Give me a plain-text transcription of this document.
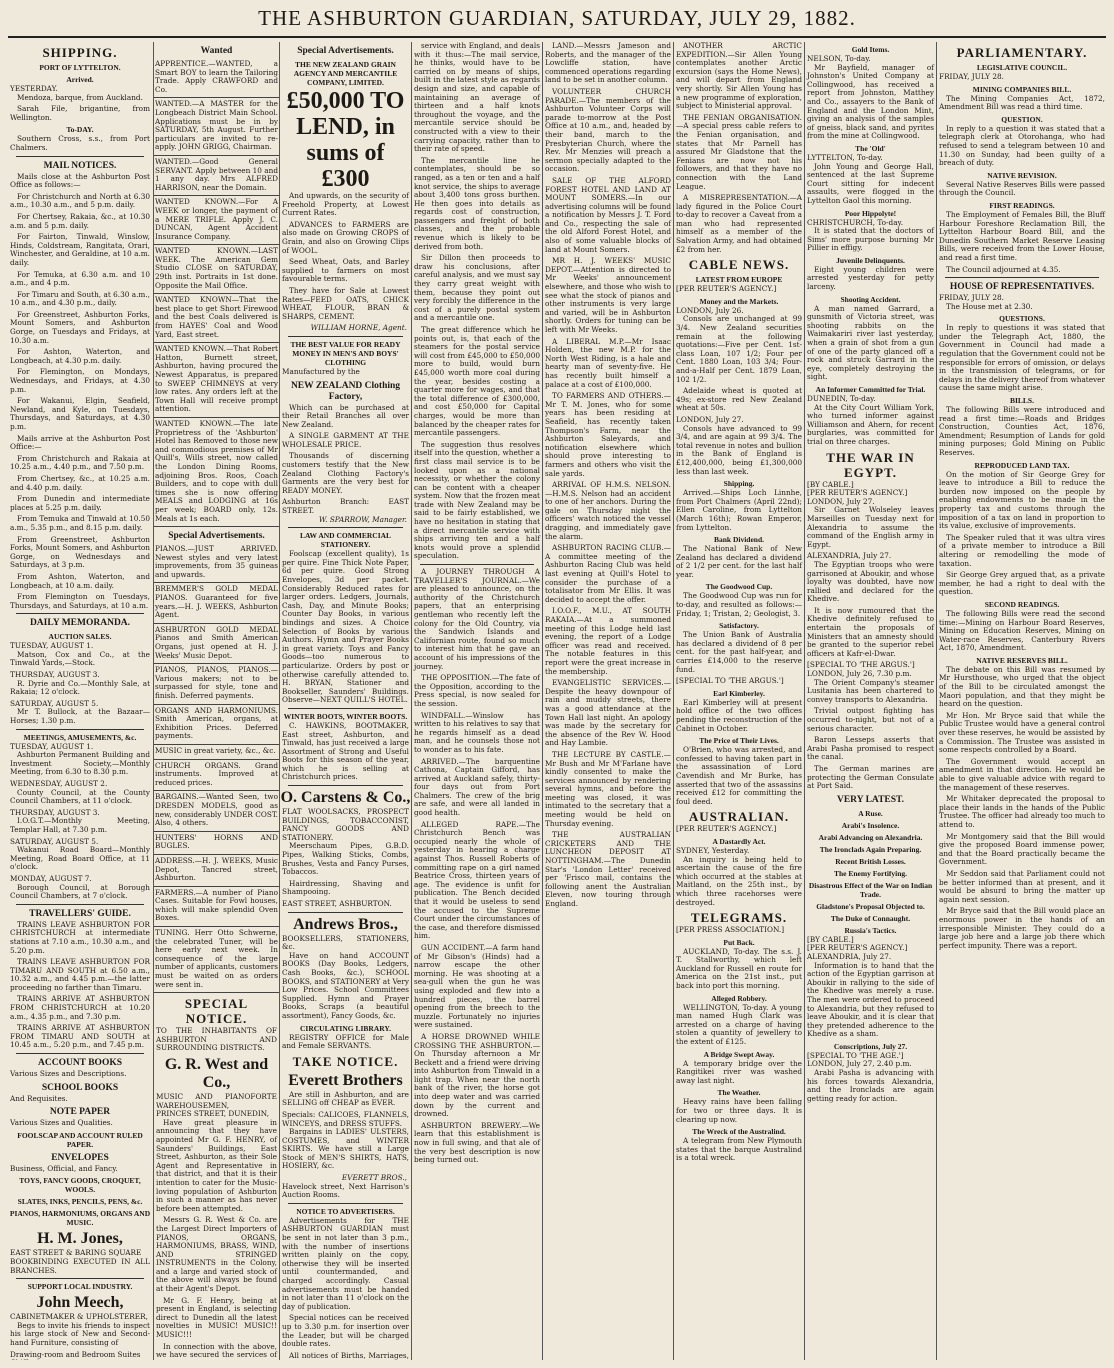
THE ASHBURTON GUARDIAN, SATURDAY, JULY 29, 1882.
SHIPPING.
PORT OF LYTTELTON.
Arrived.
YESTERDAY.

Mendoza, barque, from Auckland.

Sarah File, brigantine, from Wellington.

To-DAY.

Southern Cross, s.s., from Port Chalmers.

MAIL NOTICES.

Mails close at the Ashburton Post Office as follows:—

For Christchurch and North at 6.30 a.m., 10.30 a.m., and 5 p.m. daily.

For Chertsey, Rakaia, &c., at 10.30 a.m. and 5 p.m. daily.

For Fairton, Tinwald, Winslow, Hinds, Coldstream, Rangitata, Orari, Winchester, and Geraldine, at 10 a.m. daily.

For Temuka, at 6.30 a.m. and 10 a.m., and 4 p.m.

For Timaru and South, at 6.30 a.m., 10 a.m., and 4.30 p.m., daily.

For Greenstreet, Ashburton Forks, Mount Somers, and Ashburton Gorge, on Tuesdays and Fridays, at 10.30 a.m.

For Ashton, Waterton, and Longbeach, at 4.30 p.m. daily.

For Flemington, on Mondays, Wednesdays, and Fridays, at 4.30 p.m.

For Wakanui, Elgin, Seafield, Newland, and Kyle, on Tuesdays, Thursdays, and Saturdays, at 4.30 p.m.

Mails arrive at the Ashburton Post Office:—

From Christchurch and Rakaia at 10.25 a.m., 4.40 p.m., and 7.50 p.m.

From Chertsey, &c., at 10.25 a.m. and 4.40 p.m. daily.

From Dunedin and intermediate places at 5.25 p.m. daily.

From Temuka and Tinwald at 10.50 a.m., 5.35 p.m., and 8.15 p.m. daily.

From Greenstreet, Ashburton Forks, Mount Somers, and Ashburton Gorge, on Wednesdays and Saturdays, at 3 p.m.

From Ashton, Waterton, and Longbeach, at 10 a.m. daily.

From Flemington on Tuesdays, Thursdays, and Saturdays, at 10 a.m.

DAILY MEMORANDA.
AUCTION SALES.
TUESDAY, AUGUST 1.

Matson, Cox and Co., at the Tinwald Yards,—Stock.

THURSDAY, AUGUST 3.

R. Dyrie and Co.—Monthly Sale, at Rakaia; 12 o'clock.

SATURDAY, AUGUST 5.

Mr T. Bullock, at the Bazaar—Horses; 1.30 p.m.

MEETINGS, AMUSEMENTS, &c.
TUESDAY, AUGUST 1.

Ashburton Permanent Building and Investment Society,—Monthly Meeting, from 6.30 to 8.30 p.m.

WEDNESDAY, AUGUST 2.

County Council, at the County Council Chambers, at 11 o'clock.

THURSDAY, AUGUST 3.

I.O.G.T.—Monthly Meeting, Templar Hall, at 7.30 p.m.

SATURDAY, AUGUST 5.

Wakanui Road Board—Monthly Meeting, Road Board Office, at 11 o'clock.

MONDAY, AUGUST 7.

Borough Council, at Borough Council Chambers, at 7 o'clock.

TRAVELLERS' GUIDE.

TRAINS LEAVE ASHBURTON FOR CHRISTCHURCH at intermediate stations at 7.10 a.m., 10.30 a.m., and 5.20 p.m.

TRAINS LEAVE ASHBURTON FOR TIMARU AND SOUTH at 6.50 a.m., 10.32 a.m., and 4.45 p.m.—the latter proceeding no farther than Timaru.

TRAINS ARRIVE AT ASHBURTON FROM CHRISTCHURCH at 10.20 a.m., 4.35 p.m., and 7.30 p.m.

TRAINS ARRIVE AT ASHBURTON FROM TIMARU AND SOUTH at 10.45 a.m., 5.20 p.m., and 7.45 p.m.

ACCOUNT BOOKS
Various Sizes and Descriptions.
SCHOOL BOOKS
And Requisites.
NOTE PAPER
Various Sizes and Qualities.
FOOLSCAP AND ACCOUNT RULED PAPER.
ENVELOPES
Business, Official, and Fancy.
TOYS, FANCY GOODS, CROQUET, WOOLS.
SLATES, INKS, PENCILS, PENS, &c.
PIANOS, HARMONIUMS, ORGANS AND MUSIC.
H. M. Jones,
EAST STREET & BARING SQUARE
BOOKBINDING EXECUTED IN ALL BRANCHES.
SUPPORT LOCAL INDUSTRY.
John Meech,
CABINETMAKER & UPHOLSTERER,

Begs to invite his friends to inspect his large stock of New and Second-hand Furniture, consisting of

Drawing-room and Bedroom Suites

Wanted
APPRENTICE.—WANTED, a Smart BOY to learn the Tailoring Trade. Apply CRAWFORD and Co.
WANTED.—A MASTER for the Longbeach District Main School. Applications must be in by SATURDAY, 5th August. Further particulars are invited to re-apply. JOHN GRIGG, Chairman.
WANTED.—Good General SERVANT. Apply between 10 and 1 any day. Mrs ALFRED HARRISON, near the Domain.
WANTED KNOWN.—For A WEEK or longer, the payment of a MERE TRIFLE. Apply J. C. DUNCAN, Agent Accident Insurance Company.
WANTED KNOWN.—LAST WEEK. The American Gem Studio CLOSE on SATURDAY, 29th inst. Portraits in 1st done. Opposite the Mail Office.
WANTED KNOWN—That the best place to get Short Firewood and the best Coals delivered is from HAYES' Coal and Wood Yard, East street.
WANTED KNOWN.—That Robert Hatton, Burnett street, Ashburton, having procured the Newest Apparatus, is prepared to SWEEP CHIMNEYS at very low rates. Any orders left at the Town Hall will receive prompt attention.
WANTED KNOWN.—The late Proprietress of the 'Ashburton' Hotel has Removed to those new and commodious premises of Mr Quill's, Wills street, now called the London Dining Rooms, adjoining Bros. Roos, Coach Builders, and to cope with dull times she is now offering MEALS and LODGING at 16s per week; BOARD only, 12s. Meals at 1s each.
Special Advertisements.
PIANOS.—JUST ARRIVED. Newest styles and very latest improvements, from 35 guineas and upwards.
BREMMER'S GOLD MEDAL PIANOS. Guaranteed for five years.—H. J. WEEKS, Ashburton Agent.
ASHBURTON GOLD MEDAL Pianos and Smith American Organs, just opened at H. J. Weeks' Music Depot.
PIANOS, PIANOS, PIANOS.—Various makers; not to be surpassed for style, tone and finish. Deferred payments.
ORGANS AND HARMONIUMS. Smith American, organs, at Exhibition Prices. Deferred payments.
MUSIC in great variety, &c., &c.
CHURCH ORGANS. Grand instruments. Improved at reduced prices.
BARGAINS.—Wanted Seen, two DRESDEN MODELS, good as new, considerably UNDER COST. Also, 4 others.
HUNTERS' HORNS AND BUGLES.
ADDRESS.—H. J. WEEKS, Music Depot, Tancred street, Ashburton.
FARMERS.—A number of Piano Cases. Suitable for Fowl houses, which will make splendid Oven Boxes.
TUNING. Herr Otto Schwerne, the celebrated Tuner, will be here early next week. In consequence of the large number of applicants, customers must be waited on as orders were sent in.
SPECIAL NOTICE.
TO THE INHABITANTS OF ASHBURTON AND SURROUNDING DISTRICTS.
G. R. West and Co.,
MUSIC AND PIANOFORTE WAREHOUSEMEN,
PRINCES STREET, DUNEDIN,

Have great pleasure in announcing that they have appointed Mr G. F. HENRY, of Saunders' Buildings, East Street, Ashburton, as their Sole Agent and Representative in that district, and that it is their intention to cater for the Music-loving population of Ashburton in such a manner as has never before been attempted.

Messrs G. R. West & Co. are the Largest Direct Importers of PIANOS, ORGANS, HARMONIUMS, BRASS, WIND, AND STRINGED INSTRUMENTS in the Colony, and a large and varied stock of the above will always be found at their Agent's Depot.

Mr G. F. Henry, being at present in England, is selecting direct to Dunedin all the latest novelties in MUSIC! MUSIC!! MUSIC!!!

In connection with the above, we have secured the services of

Special Advertisements.
THE NEW ZEALAND GRAIN AGENCY AND MERCANTILE COMPANY, LIMITED.
£50,000 TO LEND, in sums of £300

And upwards, on the security of Freehold Property, at Lowest Current Rates.

ADVANCES to FARMERS are also made on Growing CROPS of Grain, and also on Growing Clips of WOOL.

Seed Wheat, Oats, and Barley supplied to farmers on most favourable terms.

They have for Sale at Lowest Rates—FEED OATS, CHICK WHEAT, FLOUR, BRAN & SHARPS, CEMENT.

WILLIAM HORNE, Agent.
THE BEST VALUE FOR READY MONEY IN MEN'S AND BOYS' CLOTHING
Manufactured by the
NEW ZEALAND Clothing Factory,

Which can be purchased at their Retail Branches all over New Zealand.

A SINGLE GARMENT AT THE WHOLESALE PRICE.

Thousands of discerning customers testify that the New Zealand Clothing Factory's Garments are the very best for READY MONEY.

Ashburton Branch: EAST STREET.
W. SPARROW, Manager.
LAW AND COMMERCIAL STATIONERY.

Foolscap (excellent quality), 1s per quire. Fine Thick Note Paper, 6d per quire. Good Strong Envelopes, 3d per packet. Considerably Reduced rates for larger orders. Ledgers, Journals, Cash, Day, and Minute Books; Counter Day Books, in various bindings and sizes. A Choice Selection of Books by various Authors. Hymn and Prayer Books in great variety. Toys and Fancy Goods—too numerous to particularize. Orders by post or otherwise carefully attended to. H. BRYAN, Stationer and Bookseller, Saunders' Buildings. Observe—NEXT QUILL'S HOTEL.

WINTER BOOTS, WINTER BOOTS.

C. HAWKINS, BOOTMAKER, East street, Ashburton, and Tinwald, has just received a large Assortment of Strong and Useful Boots for this season of the year, which he is selling at Christchurch prices.

O. Carstens & Co.,
FLAT WOOLSACKS, PROSPECT BUILDINGS, TOBACCONIST, FANCY GOODS AND STATIONERY.

Meerschaum Pipes, G.B.D. Pipes, Walking Sticks, Combs, Brushes, Vesta and Fancy Purses, Tobaccos.

Hairdressing, Shaving and Shampooing.

EAST STREET, ASHBURTON.
Andrews Bros.,
BOOKSELLERS, STATIONERS, &c.

Have on hand ACCOUNT BOOKS (Day Books, Ledgers, Cash Books, &c.), SCHOOL BOOKS, and STATIONERY at Very Low Prices. School Committees Supplied. Hymn and Prayer Books, Scraps (a beautiful assortment), Fancy Goods, &c.

CIRCULATING LIBRARY.

REGISTRY OFFICE for Male and Female SERVANTS.

TAKE NOTICE.
Everett Brothers

Are still in Ashburton, and are SELLING off CHEAP as EVER.

Specials: CALICOES, FLANNELS, WINCEYS, and DRESS STUFFS.

Bargains in LADIES' ULSTERS, COSTUMES, and WINTER SKIRTS. We have still a Large Stock of MEN'S SHIRTS, HATS, HOSIERY, &c.

EVERETT BROS.,
Havelock street, Next Harrison's Auction Rooms.
NOTICE TO ADVERTISERS.

Advertisements for THE ASHBURTON GUARDIAN must be sent in not later than 3 p.m., with the number of insertions written plainly on the copy, otherwise they will be inserted until countermanded, and charged accordingly. Casual advertisements must be handed in not later than 11 o'clock on the day of publication.

Special notices can be received up to 3.30 p.m. for insertion over the Leader, but will be charged double rates.

All notices of Births, Marriages,

service with England, and deals with it thus:—The mail service, he thinks, would have to be carried on by means of ships, built in the latest style as regards design and size, and capable of maintaining an average of thirteen and a half knots throughout the voyage, and the mercantile service should be constructed with a view to their carrying capacity, rather than to their rate of speed.

The mercantile line he contemplates, should be so ranged, as a ten or ten and a half knot service, the ships to average about 3,400 tons gross burthen. He then goes into details as regards cost of construction, passengers and freight of both classes, and the probable revenue which is likely to be derived from both.

Sir Dillon then proceeds to draw his conclusions, after careful analysis, and we must say they carry great weight with them, because they point out very forcibly the difference in the cost of a purely postal system and a mercantile one.

The great difference which he points out, is, that each of the steamers for the postal service will cost from £45,000 to £50,000 more to build, would burn £45,000 worth more coal during the year, besides costing a quarter more for wages, and that the total difference of £300,000, and cost £50,000 for Capital charges, would be more than balanced by the cheaper rates for mercantile passengers.

The suggestion thus resolves itself into the question, whether a first class mail service is to be looked upon as a national necessity, or whether the colony can be content with a cheaper system. Now that the frozen meat trade with New Zealand may be said to be fairly established, we have no hesitation in stating that a direct mercantile service with ships arriving ten and a half knots would prove a splendid speculation.

A JOURNEY THROUGH A TRAVELLER'S JOURNAL.—We are pleased to announce, on the authority of the Christchurch papers, that an enterprising gentleman who recently left the colony for the Old Country, via the Sandwich Islands and Californian route, found so much to interest him that he gave an account of his impressions of the journey.

THE OPPOSITION.—The fate of the Opposition, according to the Press special, is now sealed for the session.

WINDFALL.—Winslow has written to his relatives to say that he regards himself as a dead man, and he counsels those not to wonder as to his fate.

ARRIVED.—The barquentine Cathona, Captain Gifford, has arrived at Auckland safely, thirty-four days out from Port Chalmers. The crew of the brig are safe, and were all landed in good health.

ALLEGED RAPE.—The Christchurch Bench was occupied nearly the whole of yesterday in hearing a charge against Thos. Russell Roberts of committing rape on a girl named Beatrice Cross, thirteen years of age. The evidence is unfit for publication. The Bench decided that it would be useless to send the accused to the Supreme Court under the circumstances of the case, and therefore dismissed him.

GUN ACCIDENT.—A farm hand of Mr Gibson's (Hinds) had a narrow escape the other morning. He was shooting at a sea-gull when the gun he was using exploded and flew into a hundred pieces, the barrel opening from the breech to the muzzle. Fortunately no injuries were sustained.

A HORSE DROWNED WHILE CROSSING THE ASHBURTON.—On Thursday afternoon a Mr Beckett and a friend were driving into Ashburton from Tinwald in a light trap. When near the north bank of the river, the horse got into deep water and was carried down by the current and drowned.

ASHBURTON BREWERY.—We learn that this establishment is now in full swing, and that ale of the very best description is now being turned out.

LAND.—Messrs Jameson and Roberts, and the manager of the Lowcliffe station, have commenced operations regarding land to be set in another column.

VOLUNTEER CHURCH PARADE.—The members of the Ashburton Volunteer Corps will parade to-morrow at the Post Office at 10 a.m., and, headed by their band, march to the Presbyterian Church, where the Rev. Mr Menzies will preach a sermon specially adapted to the occasion.

SALE OF THE ALFORD FOREST HOTEL AND LAND AT MOUNT SOMERS.—In our advertising columns will be found a notification by Messrs J. T. Ford and Co., respecting the sale of the old Alford Forest Hotel, and also of some valuable blocks of land at Mount Somers.

MR H. J. WEEKS' MUSIC DEPOT.—Attention is directed to Mr Weeks' announcement elsewhere, and those who wish to see what the stock of pianos and other instruments is very large and varied, will be in Ashburton shortly. Orders for tuning can be left with Mr Weeks.

A LIBERAL M.P.—Mr Isaac Holden, the new M.P. for the North West Riding, is a hale and hearty man of seventy-five. He has recently built himself a palace at a cost of £100,000.

TO FARMERS AND OTHERS.—Mr T. M. Jones, who for some years has been residing at Seafield, has recently taken Thompson's Farm, near the Ashburton Saleyards, and notification elsewhere which should prove interesting to farmers and others who visit the sale yards.

ARRIVAL OF H.M.S. NELSON.—H.M.S. Nelson had an accident to one of her anchors. During the gale on Thursday night the officers' watch noticed the vessel dragging, and immediately gave the alarm.

ASHBURTON RACING CLUB.—A committee meeting of the Ashburton Racing Club was held last evening at Quill's Hotel to consider the purchase of a totalisator from Mr Ellis. It was decided to accept the offer.

I.O.O.F., M.U., AT SOUTH RAKAIA.—At a summoned meeting of this Lodge held last evening, the report of a Lodge officer was read and received. The notable features in this report were the great increase in the membership.

EVANGELISTIC SERVICES.—Despite the heavy downpour of rain and muddy streets, there was a good attendance at the Town Hall last night. An apology was made by the secretary for the absence of the Rev W. Hood and Hay Lambie.

THE LECTURE BY CASTLE.—Mr Bush and Mr M'Farlane have kindly consented to make the services announced by rendering several hymns, and before the meeting was closed, it was intimated to the secretary that a meeting would be held on Thursday evening.

THE AUSTRALIAN CRICKETERS AND THE LUNCHEON DEPOSIT AT NOTTINGHAM.—The Dunedin Star's 'London Letter' received per 'Frisco mail, contains the following anent the Australian Eleven, now touring through England.

ANOTHER ARCTIC EXPEDITION.—Sir Allen Young contemplates another Arctic excursion (says the Home News), and will depart from England very shortly. Sir Allen Young has a new programme of exploration, subject to Ministerial approval.

THE FENIAN ORGANISATION.—A special press cable refers to the Fenian organisation, and states that Mr Parnell has assured Mr Gladstone that the Fenians are now not his followers, and that they have no connection with the Land League.

A MISREPRESENTATION.—A lady figured in the Police Court to-day to recover a Caveat from a man who had represented himself as a member of the Salvation Army, and had obtained £2 from her.

CABLE NEWS.
LATEST FROM EUROPE
[PER REUTER'S AGENCY.]
Money and the Markets.
LONDON, July 26.

Consols are unchanged at 99 3/4. New Zealand securities remain at the following quotations:—Five per Cent. 1st-class Loan, 107 1/2; Four per Cent. 1880 Loan, 103 3/4; Four-and-a-Half per Cent. 1879 Loan, 102 1/2.

Adelaide wheat is quoted at 49s; ex-store red New Zealand wheat at 50s.

LONDON, July 27.

Consols have advanced to 99 3/4, and are again at 99 3/4. The total revenue in notes and bullion in the Bank of England is £12,400,000, being £1,300,000 less than last week.

Shipping.

Arrived.—Ships Loch Linnhe, from Port Chalmers (April 22nd); Ellen Caroline, from Lyttelton (March 16th); Rowan Emperor, from Lyttelton.

Bank Dividend.

The National Bank of New Zealand has declared a dividend of 2 1/2 per cent. for the last half year.

The Goodwood Cup.

The Goodwood Cup was run for to-day, and resulted as follows:—Friday, 1; Tristan, 2; Geologist, 3.

Satisfactory.

The Union Bank of Australia has declared a dividend of 8 per cent. for the past half-year, and carries £14,000 to the reserve fund.

[SPECIAL TO 'THE ARGUS.']
Earl Kimberley.

Earl Kimberley will at present hold office of the two offices pending the reconstruction of the Cabinet in October.

The Price of Their Lives.

O'Brien, who was arrested, and confessed to having taken part in the assassination of Lord Cavendish and Mr Burke, has asserted that two of the assassins received £12 for committing the foul deed.

AUSTRALIAN.
[PER REUTER'S AGENCY.]
A Dastardly Act.
SYDNEY, Yesterday.

An inquiry is being held to ascertain the cause of the fire which occurred at the stables at Maitland, on the 25th inst., by which three racehorses were destroyed.

TELEGRAMS.
[PER PRESS ASSOCIATION.]
Put Back.

AUCKLAND, To-day. The s.s. J. T. Stallworthy, which left Auckland for Russell en route for America on the 21st inst., put back into port this morning.

Alleged Robbery.

WELLINGTON, To-day. A young man named Hugh Clark was arrested on a charge of having stolen a quantity of jewellery to the extent of £125.

A Bridge Swept Away.

A temporary bridge over the Rangitikei river was washed away last night.

The Weather.

Heavy rains have been falling for two or three days. It is clearing up now.

The Wreck of the Australind.

A telegram from New Plymouth states that the barque Australind is a total wreck.

Gold Items.
NELSON, To-day.

Mr Bayfield, manager of Johnston's United Company at Collingwood, has received a report from Johnston, Matthey and Co., assayers to the Bank of England and the London Mint, giving an analysis of the samples of gneiss, black sand, and pyrites from the mine at Collingwood.

The 'Old'
LYTTELTON, To-day.

John Young and George Hall, sentenced at the last Supreme Court sitting for indecent assaults, were flogged in the Lyttelton Gaol this morning.

Poor Hippolyte!
CHRISTCHURCH, To-day.

It is stated that the doctors of Sims' more purpose burning Mr Pillier in effigy.

Juvenile Delinquents.

Eight young children were arrested yesterday for petty larceny.

Shooting Accident.

A man named Garrard, a gunsmith of Victoria street, was shooting rabbits on the Waimakariri river last yesterday, when a grain of shot from a gun of one of the party glanced off a rock and struck Garrard in the eye, completely destroying the sight.

An Informer Committed for Trial.
DUNEDIN, To-day.

At the City Court William York, who turned informer against Williamson and Ahern, for recent burglaries, was committed for trial on three charges.

THE WAR IN EGYPT.
[BY CABLE.]
[PER REUTER'S AGENCY.]
LONDON, July 27.

Sir Garnet Wolseley leaves Marseilles on Tuesday next for Alexandria to assume the command of the English army in Egypt.

ALEXANDRIA, July 27.

The Egyptian troops who were garrisoned at Aboukir, and whose loyalty was doubted, have now rallied and declared for the Khedive.

It is now rumoured that the Khedive definitely refused to entertain the proposals of Ministers that an amnesty should be granted to the superior rebel officers at Kafr-el-Dwar.

[SPECIAL TO 'THE ARGUS.']
LONDON, July 26, 7.30 p.m.

The Orient Company's steamer Lusitania has been chartered to convey transports to Alexandria.

Trivial outpost fighting has occurred to-night, but not of a serious character.

Baron Lesseps asserts that Arabi Pasha promised to respect the canal.

The German marines are protecting the German Consulate at Port Said.

VERY LATEST.
A Ruse.
Arabi's Insolence.
Arabi Advancing on Alexandria.
The Ironclads Again Preparing.
Recent British Losses.
The Enemy Fortifying.
Disastrous Effect of the War on Indian Trade.
Gladstone's Proposal Objected to.
The Duke of Connaught.
Russia's Tactics.
[BY CABLE.]
[PER REUTER'S AGENCY.]
ALEXANDRIA, July 27.

Information is to hand that the action of the Egyptian garrison at Aboukir in rallying to the side of the Khedive was merely a ruse. The men were ordered to proceed to Alexandria, but they refused to leave Aboukir, and it is clear that they pretended adherence to the Khedive as a sham.

Conscriptions, July 27.
[SPECIAL TO 'THE AGE.']
LONDON, July 27, 2.40 p.m.

Arabi Pasha is advancing with his forces towards Alexandria, and the Ironclads are again getting ready for action.

PARLIAMENTARY.
LEGISLATIVE COUNCIL.
FRIDAY, JULY 28.
MINING COMPANIES BILL.

The Mining Companies Act, 1872, Amendment Bill was read a third time.

QUESTION.

In reply to a question it was stated that a telegraph clerk at Otorohanga, who had refused to send a telegram between 10 and 11.30 on Sunday, had been guilty of a breach of duty.

NATIVE REVISION.

Several Native Reserves Bills were passed through the Council.

FIRST READINGS.

The Employment of Females Bill, the Bluff Harbour Foreshore Reclamation Bill, the Lyttelton Harbour Board Bill, and the Dunedin Southern Market Reserve Leasing Bills, were received from the Lower House, and read a first time.

The Council adjourned at 4.35.

HOUSE OF REPRESENTATIVES.
FRIDAY, JULY 28.

The House met at 2.30.

QUESTIONS.

In reply to questions it was stated that under the Telegraph Act, 1880, the Government in Council had made a regulation that the Government could not be responsible for errors of omission, or delays in the transmission of telegrams, or for delays in the delivery thereof from whatever cause the same might arise.

BILLS.

The following Bills were introduced and read a first time:—Roads and Bridges Construction, Counties Act, 1876, Amendment; Resumption of Lands for gold mining purposes; Gold Mining on Public Reserves.

REPRODUCED LAND TAX.

On the motion of Sir George Grey for leave to introduce a Bill to reduce the burden now imposed on the people by enabling endowments to be made in the property tax and customs through the imposition of a tax on land in proportion to its value, exclusive of improvements.

The Speaker ruled that it was ultra vires of a private member to introduce a Bill altering or remodelling the mode of taxation.

Sir George Grey argued that, as a private member, he had a right to deal with the question.

SECOND READINGS.

The following Bills were read the second time:—Mining on Harbour Board Reserves, Mining on Education Reserves, Mining on Water-race Reserves, Canterbury Rivers Act, 1870, Amendment.

NATIVE RESERVES BILL.

The debate on this Bill was resumed by Mr Hursthouse, who urged that the object of the Bill to be circulated amongst the Maori population, and that they might be heard on the question.

Mr Hon. Mr Bryce said that while the Public Trustee would have a general control over these reserves, he would be assisted by a Commission. The Trustee was assisted in some respects controlled by a Board.

The Government would accept an amendment in that direction. He would be able to give valuable advice with regard to the management of these reserves.

Mr Whitaker deprecated the proposal to place their lands in the hands of the Public Trustee. The officer had already too much to attend to.

Mr Montgomery said that the Bill would give the proposed Board immense power, and that the Board practically became the Government.

Mr Seddon said that Parliament could not be better informed than at present, and it would be absurd to bring the matter up again next session.

Mr Bryce said that the Bill would place an enormous power in the hands of an irresponsible Minister. They could do a large job here and a large job there which perfect impunity. There was a report.
